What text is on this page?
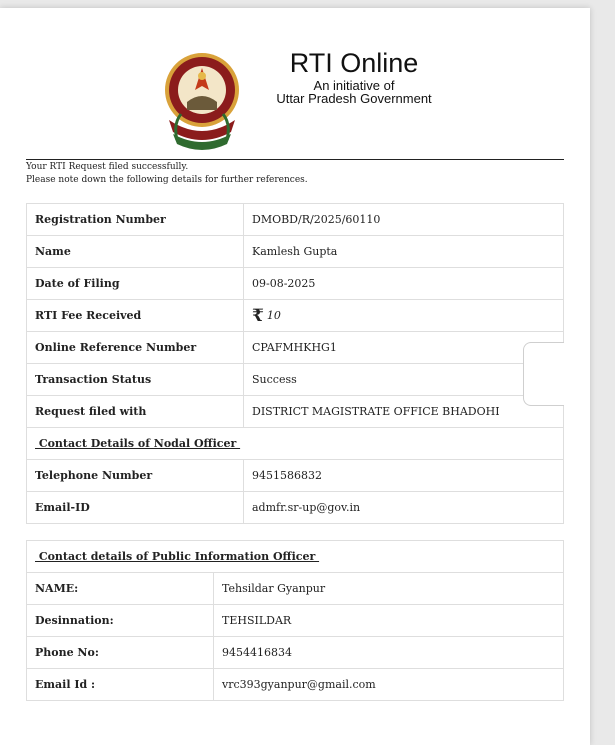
RTI Online
An initiative of
Uttar Pradesh Government
Your RTI Request filed successfully.
Please note down the following details for further references.
Registration Number	DMOBD/R/2025/60110
Name	Kamlesh Gupta
Date of Filing	09-08-2025
RTI Fee Received	₹ 10
Online Reference Number	CPAFMHKHG1
Transaction Status	Success
Request filed with	DISTRICT MAGISTRATE OFFICE BHADOHI
Contact Details of Nodal Officer	
Telephone Number	9451586832
Email-ID	admfr.sr-up@gov.in
Contact details of Public Information Officer	
NAME:	Tehsildar Gyanpur
Desinnation:	TEHSILDAR
Phone No:	9454416834
Email Id :	vrc393gyanpur@gmail.com
